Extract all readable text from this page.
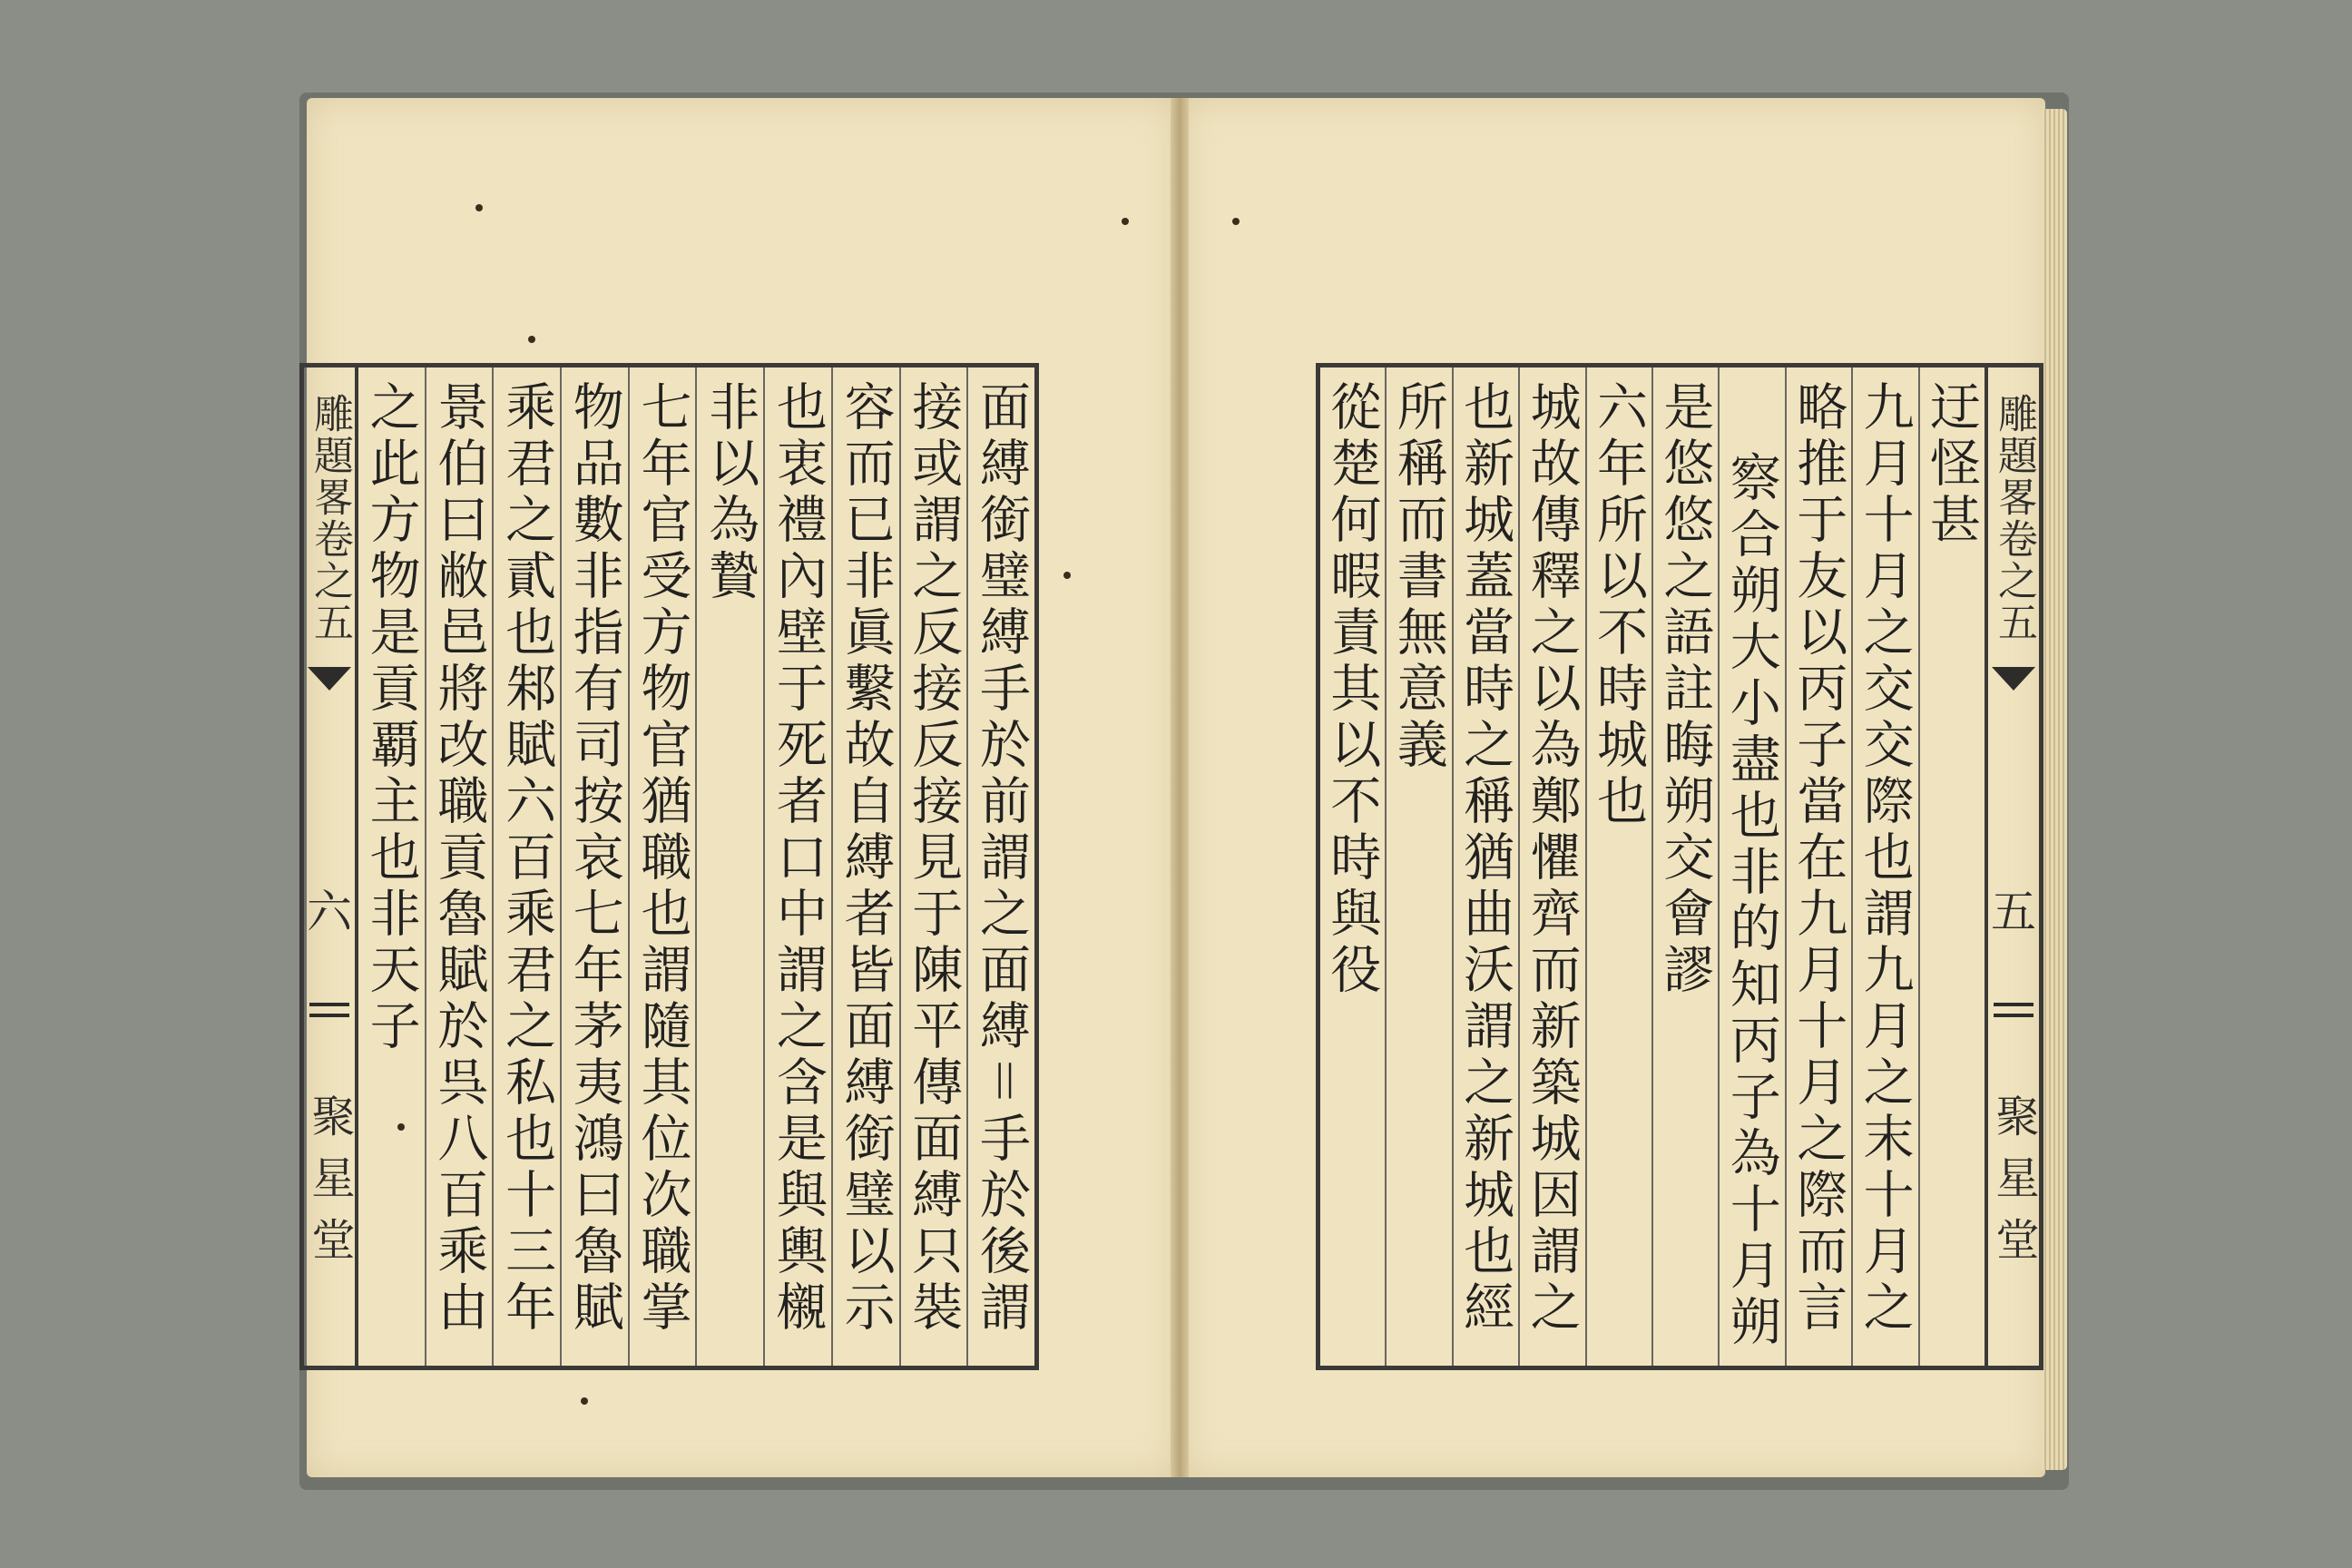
雕題畧卷之五
六
聚星堂
面縛銜璧縛手於前謂之面縛＝手於後謂
接或謂之反接反接見于陳平傳面縛只裝
容而已非眞繫故自縛者皆面縛銜璧以示
也衷禮內壁于死者口中謂之含是與輿櫬
非以為贄
七年官受方物官猶職也謂隨其位次職掌
物品數非指有司按哀七年茅夷鴻曰魯賦
乘君之貳也邾賦六百乘君之私也十三年
景伯曰敝邑將改職貢魯賦於呉八百乘由
之此方物是貢覇主也非天子	迂怪甚
九月十月之交交際也謂九月之末十月之
略推于友以丙子當在九月十月之際而言
察合朔大小盡也非的知丙子為十月朔
是悠悠之語註晦朔交會謬
六年所以不時城也
城故傳釋之以為鄭懼齊而新築城因謂之
也新城蓋當時之稱猶曲沃謂之新城也經
所稱而書無意義
從楚何暇責其以不時與役	雕題畧卷之五
五
聚星堂
